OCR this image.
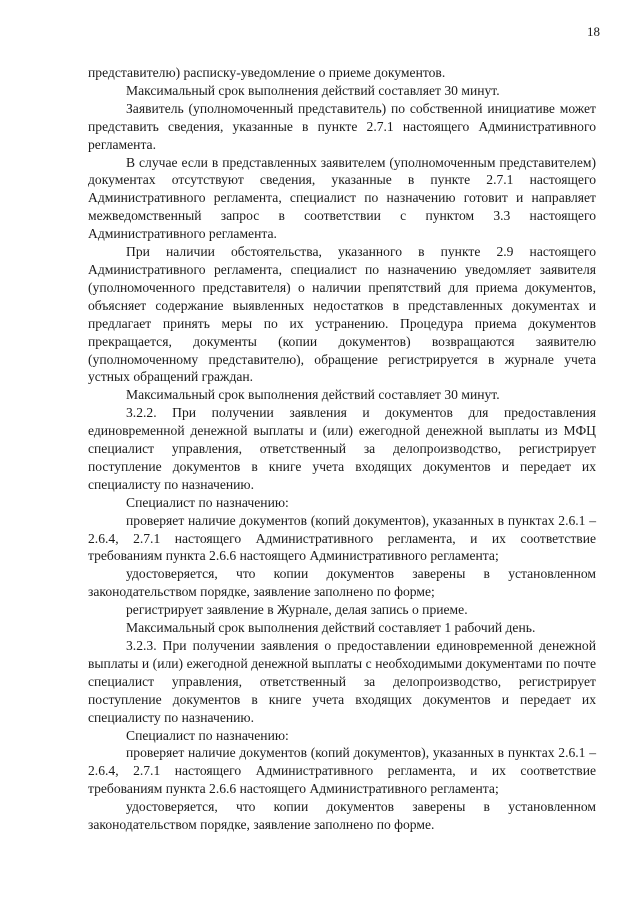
18

представителю) расписку-уведомление о приеме документов.

Максимальный срок выполнения действий составляет 30 минут.

Заявитель (уполномоченный представитель) по собственной инициативе может представить сведения, указанные в пункте 2.7.1 настоящего Административного регламента.

В случае если в представленных заявителем (уполномоченным представителем) документах отсутствуют сведения, указанные в пункте 2.7.1 настоящего Административного регламента, специалист по назначению готовит и направляет межведомственный запрос в соответствии с пунктом 3.3 настоящего Административного регламента.

При наличии обстоятельства, указанного в пункте 2.9 настоящего Административного регламента, специалист по назначению уведомляет заявителя (уполномоченного представителя) о наличии препятствий для приема документов, объясняет содержание выявленных недостатков в представленных документах и предлагает принять меры по их устранению. Процедура приема документов прекращается, документы (копии документов) возвращаются заявителю (уполномоченному представителю), обращение регистрируется в журнале учета устных обращений граждан.

Максимальный срок выполнения действий составляет 30 минут.

3.2.2. При получении заявления и документов для предоставления единовременной денежной выплаты и (или) ежегодной денежной выплаты из МФЦ специалист управления, ответственный за делопроизводство, регистрирует поступление документов в книге учета входящих документов и передает их специалисту по назначению.

Специалист по назначению:

проверяет наличие документов (копий документов), указанных в пунктах 2.6.1 – 2.6.4, 2.7.1 настоящего Административного регламента, и их соответствие требованиям пункта 2.6.6 настоящего Административного регламента;

удостоверяется, что копии документов заверены в установленном законодательством порядке, заявление заполнено по форме;

регистрирует заявление в Журнале, делая запись о приеме.

Максимальный срок выполнения действий составляет 1 рабочий день.

3.2.3. При получении заявления о предоставлении единовременной денежной выплаты и (или) ежегодной денежной выплаты с необходимыми документами по почте специалист управления, ответственный за делопроизводство, регистрирует поступление документов в книге учета входящих документов и передает их специалисту по назначению.

Специалист по назначению:

проверяет наличие документов (копий документов), указанных в пунктах 2.6.1 – 2.6.4, 2.7.1 настоящего Административного регламента, и их соответствие требованиям пункта 2.6.6 настоящего Административного регламента;

удостоверяется, что копии документов заверены в установленном законодательством порядке, заявление заполнено по форме.
